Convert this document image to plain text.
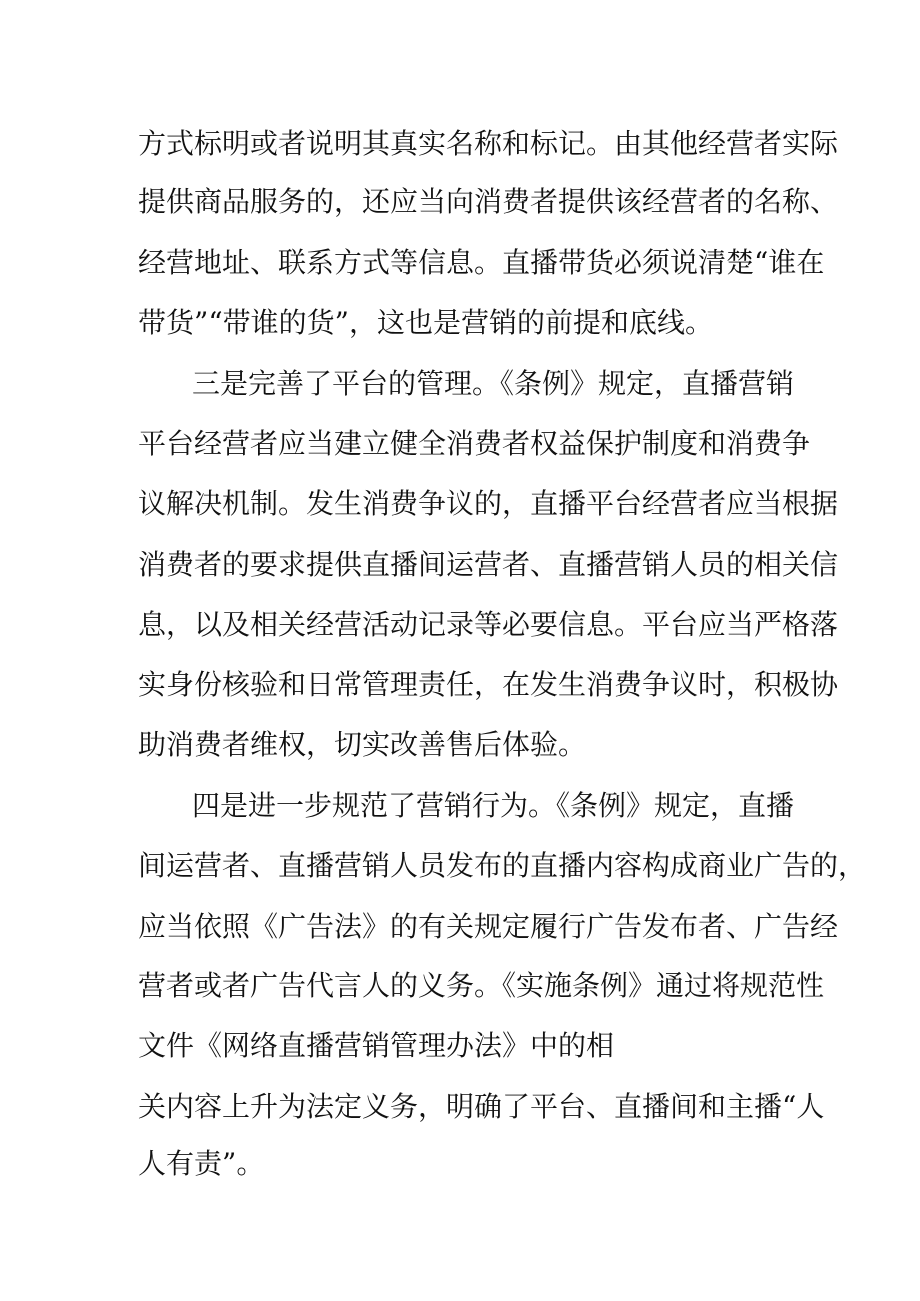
方式标明或者说明其真实名称和标记。由其他经营者实际
提供商品服务的，还应当向消费者提供该经营者的名称、
经营地址、联系方式等信息。直播带货必须说清楚“谁在
带货”“带谁的货”，这也是营销的前提和底线。
三是完善了平台的管理。《条例》规定，直播营销
平台经营者应当建立健全消费者权益保护制度和消费争
议解决机制。发生消费争议的，直播平台经营者应当根据
消费者的要求提供直播间运营者、直播营销人员的相关信
息，以及相关经营活动记录等必要信息。平台应当严格落
实身份核验和日常管理责任，在发生消费争议时，积极协
助消费者维权，切实改善售后体验。
四是进一步规范了营销行为。《条例》规定，直播
间运营者、直播营销人员发布的直播内容构成商业广告的，
应当依照《广告法》的有关规定履行广告发布者、广告经
营者或者广告代言人的义务。《实施条例》通过将规范性
文件《网络直播营销管理办法》中的相
关内容上升为法定义务，明确了平台、直播间和主播“人
人有责”。
